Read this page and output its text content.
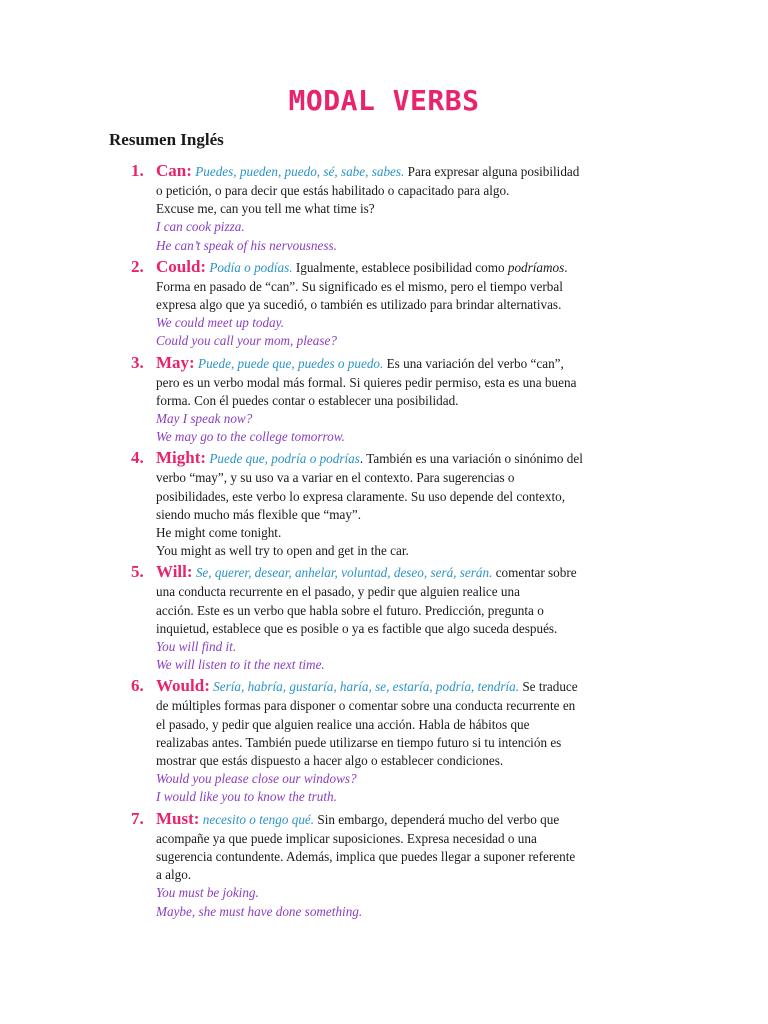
MODAL VERBS
Resumen Inglés
1. Can: Puedes, pueden, puedo, sé, sabe, sabes. Para expresar alguna posibilidad
o petición, o para decir que estás habilitado o capacitado para algo.
Excuse me, can you tell me what time is?
I can cook pizza.
He can’t speak of his nervousness.
2. Could: Podía o podías. Igualmente, establece posibilidad como podríamos.
Forma en pasado de “can”. Su significado es el mismo, pero el tiempo verbal
expresa algo que ya sucedió, o también es utilizado para brindar alternativas.
We could meet up today.
Could you call your mom, please?
3. May: Puede, puede que, puedes o puedo. Es una variación del verbo “can”,
pero es un verbo modal más formal. Si quieres pedir permiso, esta es una buena
forma. Con él puedes contar o establecer una posibilidad.
May I speak now?
We may go to the college tomorrow.
4. Might: Puede que, podría o podrías. También es una variación o sinónimo del
verbo “may”, y su uso va a variar en el contexto. Para sugerencias o
posibilidades, este verbo lo expresa claramente. Su uso depende del contexto,
siendo mucho más flexible que “may”.
He might come tonight.
You might as well try to open and get in the car.
5. Will: Se, querer, desear, anhelar, voluntad, deseo, será, serán. comentar sobre
una conducta recurrente en el pasado, y pedir que alguien realice una
acción. Este es un verbo que habla sobre el futuro. Predicción, pregunta o
inquietud, establece que es posible o ya es factible que algo suceda después.
You will find it.
We will listen to it the next time.
6. Would: Sería, habría, gustaría, haría, se, estaría, podría, tendría. Se traduce
de múltiples formas para disponer o comentar sobre una conducta recurrente en
el pasado, y pedir que alguien realice una acción. Habla de hábitos que
realizabas antes. También puede utilizarse en tiempo futuro si tu intención es
mostrar que estás dispuesto a hacer algo o establecer condiciones.
Would you please close our windows?
I would like you to know the truth.
7. Must: necesito o tengo qué. Sin embargo, dependerá mucho del verbo que
acompañe ya que puede implicar suposiciones. Expresa necesidad o una
sugerencia contundente. Además, implica que puedes llegar a suponer referente
a algo.
You must be joking.
Maybe, she must have done something.
